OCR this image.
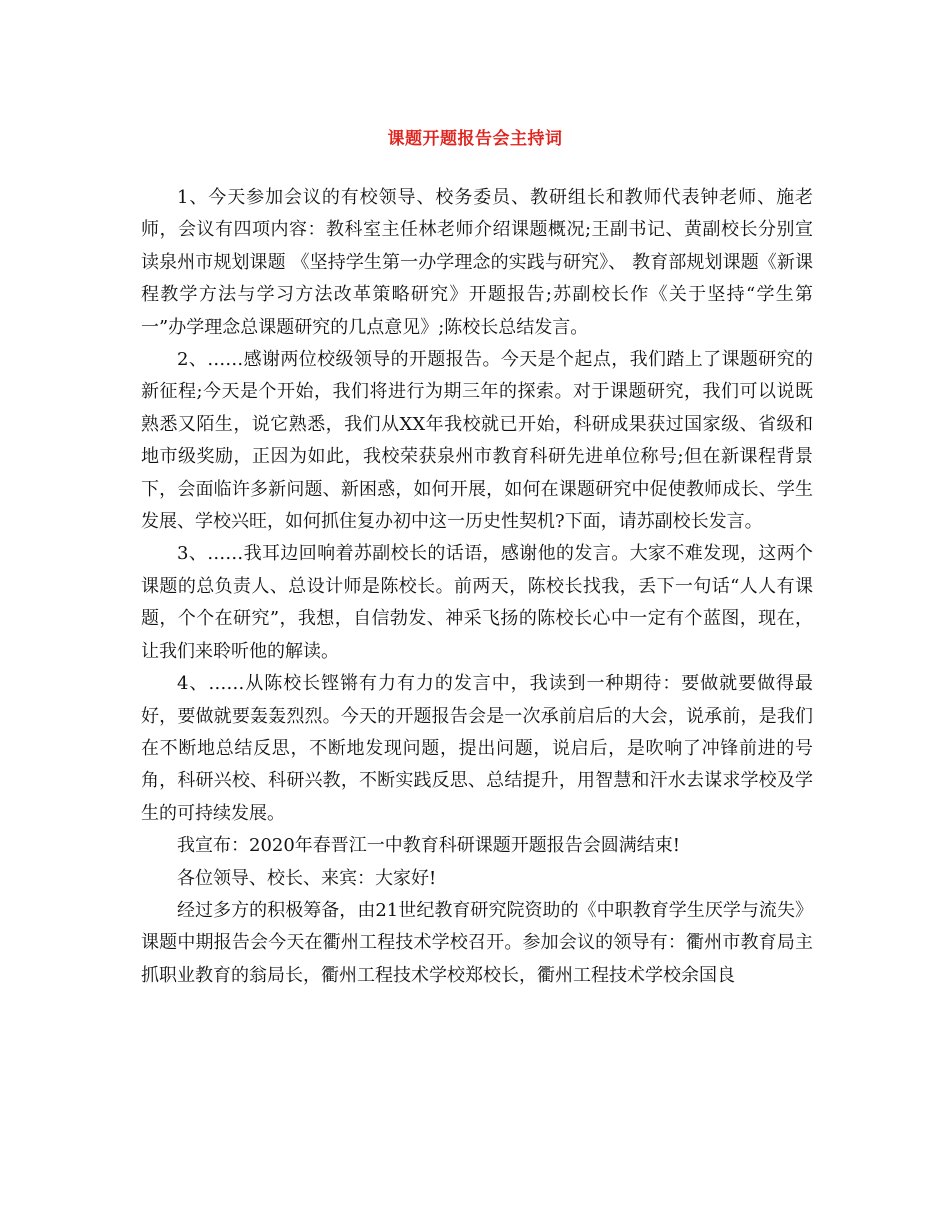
课题开题报告会主持词

1、今天参加会议的有校领导、校务委员、教研组长和教师代表钟老师、施老师，会议有四项内容：教科室主任林老师介绍课题概况;王副书记、黄副校长分别宣读泉州市规划课题 《坚持学生第一办学理念的实践与研究》、 教育部规划课题《新课程教学方法与学习方法改革策略研究》开题报告;苏副校长作《关于坚持“学生第一”办学理念总课题研究的几点意见》;陈校长总结发言。

2、……感谢两位校级领导的开题报告。今天是个起点，我们踏上了课题研究的新征程;今天是个开始，我们将进行为期三年的探索。对于课题研究，我们可以说既熟悉又陌生，说它熟悉，我们从XX年我校就已开始，科研成果获过国家级、省级和地市级奖励，正因为如此，我校荣获泉州市教育科研先进单位称号;但在新课程背景下，会面临许多新问题、新困惑，如何开展，如何在课题研究中促使教师成长、学生发展、学校兴旺，如何抓住复办初中这一历史性契机?下面，请苏副校长发言。

3、……我耳边回响着苏副校长的话语，感谢他的发言。大家不难发现，这两个课题的总负责人、总设计师是陈校长。前两天，陈校长找我，丢下一句话“人人有课题，个个在研究”，我想，自信勃发、神采飞扬的陈校长心中一定有个蓝图，现在，让我们来聆听他的解读。

4、……从陈校长铿锵有力有力的发言中，我读到一种期待：要做就要做得最好，要做就要轰轰烈烈。今天的开题报告会是一次承前启后的大会，说承前，是我们在不断地总结反思，不断地发现问题，提出问题，说启后，是吹响了冲锋前进的号角，科研兴校、科研兴教，不断实践反思、总结提升，用智慧和汗水去谋求学校及学生的可持续发展。

我宣布：2020年春晋江一中教育科研课题开题报告会圆满结束!

各位领导、校长、来宾：大家好!

经过多方的积极筹备，由21世纪教育研究院资助的《中职教育学生厌学与流失》课题中期报告会今天在衢州工程技术学校召开。参加会议的领导有：衢州市教育局主抓职业教育的翁局长，衢州工程技术学校郑校长，衢州工程技术学校余国良
